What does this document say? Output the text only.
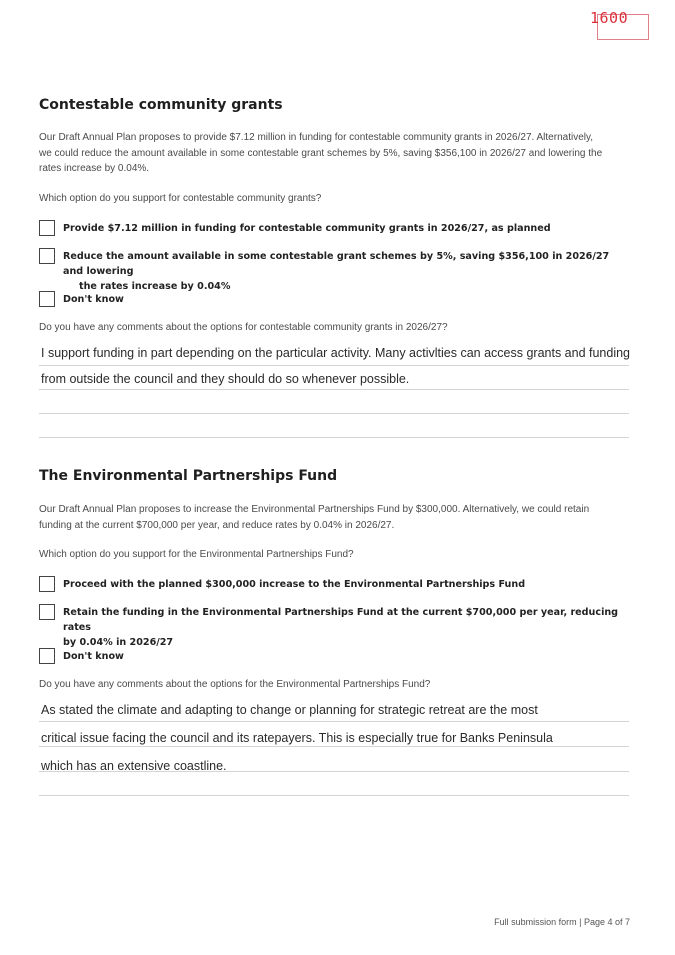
1600
Contestable community grants

Our Draft Annual Plan proposes to provide $7.12 million in funding for contestable community grants in 2026/27. Alternatively,
we could reduce the amount available in some contestable grant schemes by 5%, saving $356,100 in 2026/27 and lowering the
rates increase by 0.04%.

Which option do you support for contestable community grants?

Provide $7.12 million in funding for contestable community grants in 2026/27, as planned
Reduce the amount available in some contestable grant schemes by 5%, saving $356,100 in 2026/27 and lowering
the rates increase by 0.04%
Don't know

Do you have any comments about the options for contestable community grants in 2026/27?

I support funding in part depending on the particular activity. Many activlties can access grants and funding

from outside the council and they should do so whenever possible.

The Environmental Partnerships Fund

Our Draft Annual Plan proposes to increase the Environmental Partnerships Fund by $300,000. Alternatively, we could retain
funding at the current $700,000 per year, and reduce rates by 0.04% in 2026/27.

Which option do you support for the Environmental Partnerships Fund?

Proceed with the planned $300,000 increase to the Environmental Partnerships Fund
Retain the funding in the Environmental Partnerships Fund at the current $700,000 per year, reducing rates
by 0.04% in 2026/27
Don't know

Do you have any comments about the options for the Environmental Partnerships Fund?

As stated the climate and adapting to change or planning for strategic retreat are the most

critical issue facing the council and its ratepayers. This is especially true for Banks Peninsula

which has an extensive coastline.

Full submission form | Page 4 of 7
